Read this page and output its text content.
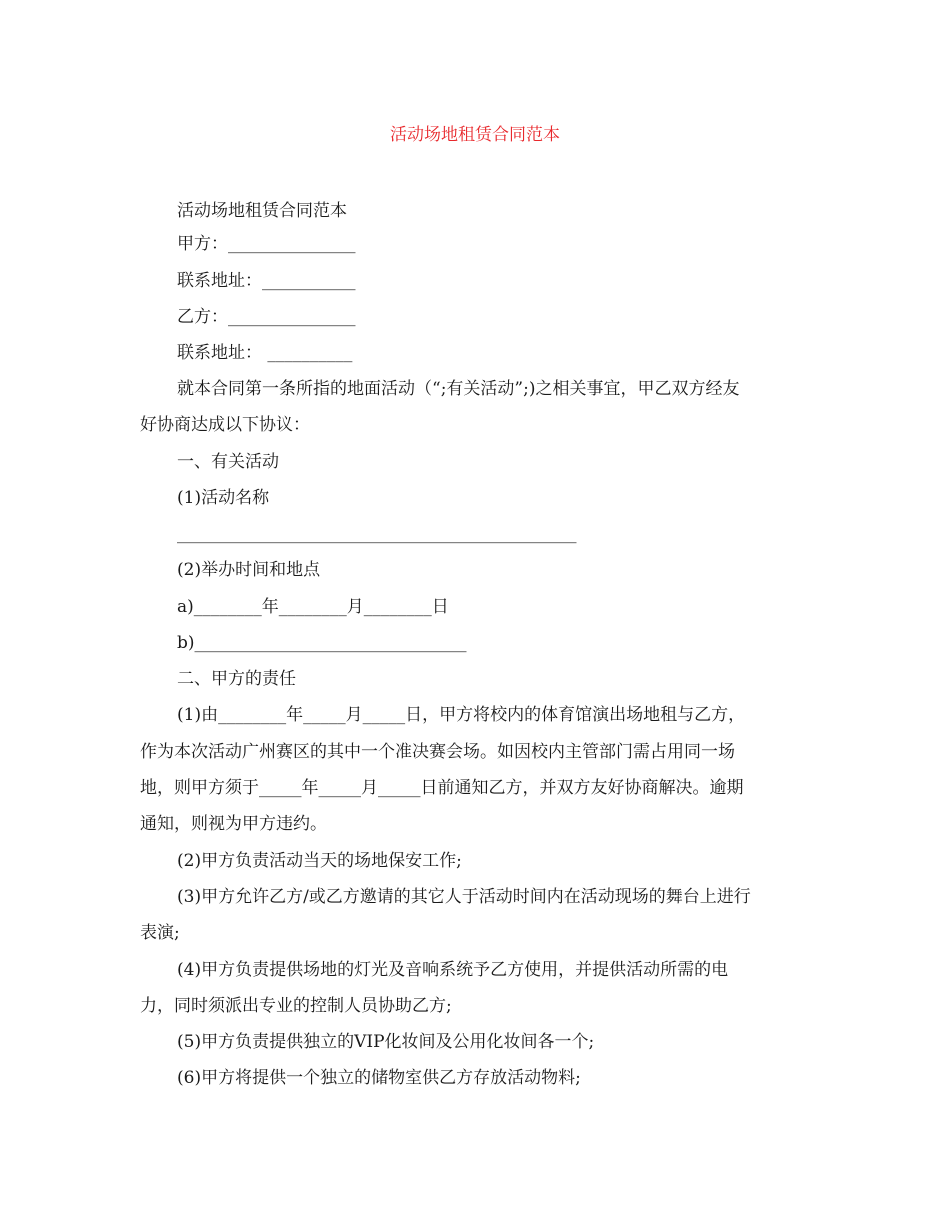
活动场地租赁合同范本
活动场地租赁合同范本
甲方：_______________
联系地址：___________
乙方：_______________
联系地址： __________
就本合同第一条所指的地面活动（“;有关活动”;)之相关事宜，甲乙双方经友
好协商达成以下协议：
一、有关活动
(1)活动名称
_______________________________________________
(2)举办时间和地点
a)________年________月________日
b)________________________________
二、甲方的责任
(1)由________年_____月_____日，甲方将校内的体育馆演出场地租与乙方，
作为本次活动广州赛区的其中一个准决赛会场。如因校内主管部门需占用同一场
地，则甲方须于_____年_____月_____日前通知乙方，并双方友好协商解决。逾期
通知，则视为甲方违约。
(2)甲方负责活动当天的场地保安工作;
(3)甲方允许乙方/或乙方邀请的其它人于活动时间内在活动现场的舞台上进行
表演;
(4)甲方负责提供场地的灯光及音响系统予乙方使用，并提供活动所需的电
力，同时须派出专业的控制人员协助乙方;
(5)甲方负责提供独立的VIP化妆间及公用化妆间各一个;
(6)甲方将提供一个独立的储物室供乙方存放活动物料;
